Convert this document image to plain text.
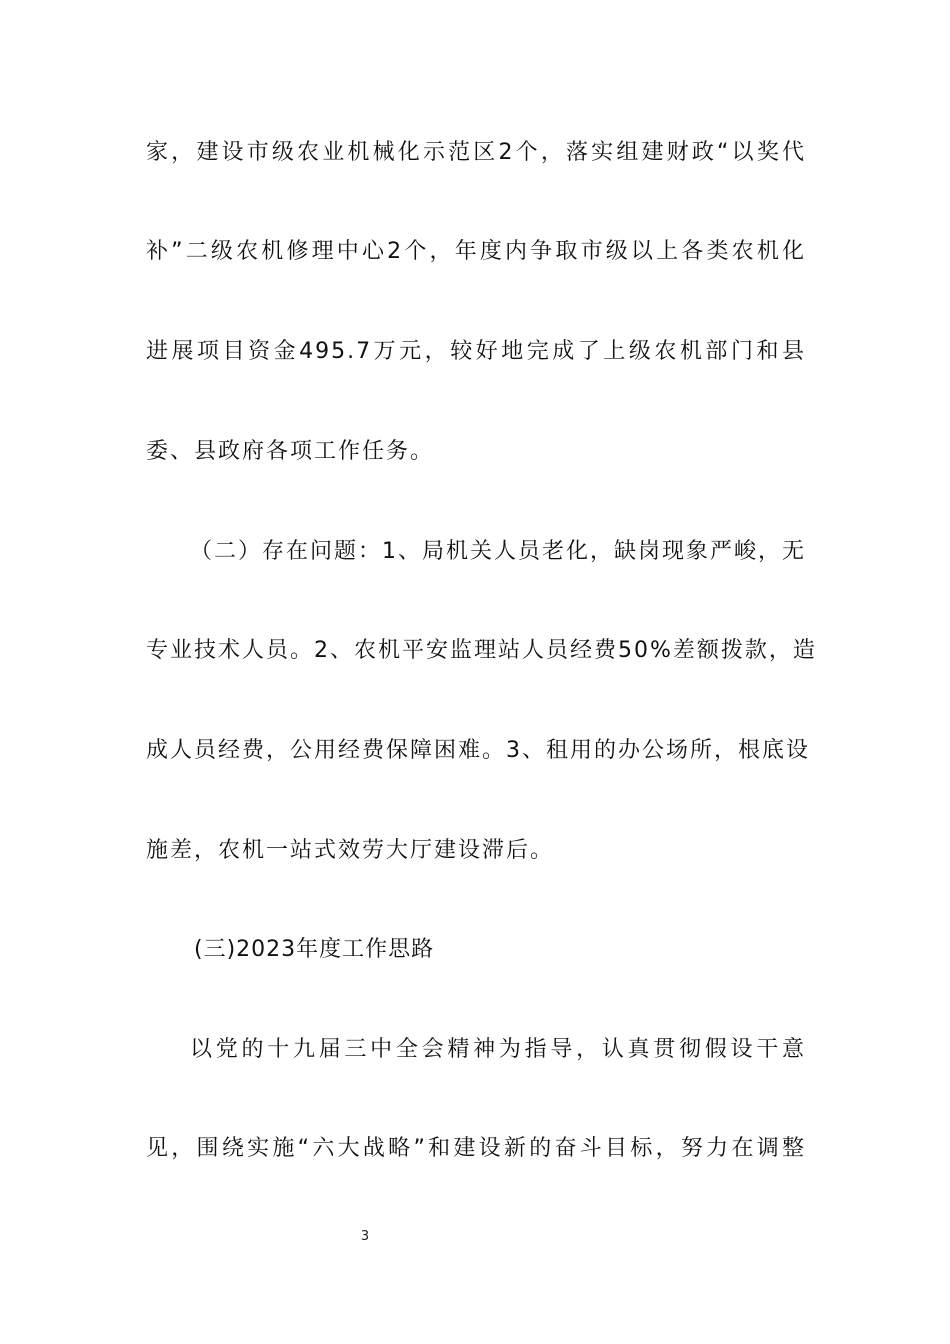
家，建设市级农业机械化示范区2个，落实组建财政“以奖代
补”二级农机修理中心2个，年度内争取市级以上各类农机化
进展项目资金495.7万元，较好地完成了上级农机部门和县
委、县政府各项工作任务。
（二）存在问题：1、局机关人员老化，缺岗现象严峻，无
专业技术人员。2、农机平安监理站人员经费50%差额拨款，造
成人员经费，公用经费保障困难。3、租用的办公场所，根底设
施差，农机一站式效劳大厅建设滞后。
(三)2023年度工作思路
以党的十九届三中全会精神为指导，认真贯彻假设干意
见，围绕实施“六大战略”和建设新的奋斗目标，努力在调整
3
